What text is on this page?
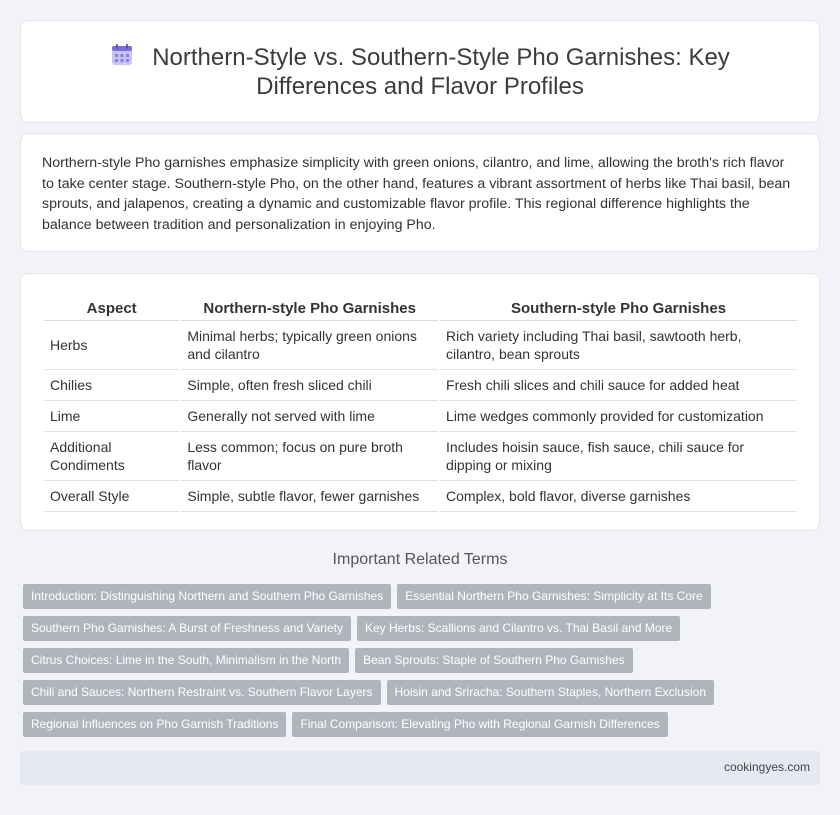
Northern-Style vs. Southern-Style Pho Garnishes: Key Differences and Flavor Profiles

Northern-style Pho garnishes emphasize simplicity with green onions, cilantro, and lime, allowing the broth's rich flavor to take center stage. Southern-style Pho, on the other hand, features a vibrant assortment of herbs like Thai basil, bean sprouts, and jalapenos, creating a dynamic and customizable flavor profile. This regional difference highlights the balance between tradition and personalization in enjoying Pho.

Aspect	Northern-style Pho Garnishes	Southern-style Pho Garnishes
Herbs	Minimal herbs; typically green onions and cilantro	Rich variety including Thai basil, sawtooth herb, cilantro, bean sprouts
Chilies	Simple, often fresh sliced chili	Fresh chili slices and chili sauce for added heat
Lime	Generally not served with lime	Lime wedges commonly provided for customization
Additional Condiments	Less common; focus on pure broth flavor	Includes hoisin sauce, fish sauce, chili sauce for dipping or mixing
Overall Style	Simple, subtle flavor, fewer garnishes	Complex, bold flavor, diverse garnishes
Important Related Terms
Introduction: Distinguishing Northern and Southern Pho Garnishes Essential Northern Pho Garnishes: Simplicity at Its Core
Southern Pho Garnishes: A Burst of Freshness and Variety Key Herbs: Scallions and Cilantro vs. Thai Basil and More
Citrus Choices: Lime in the South, Minimalism in the North Bean Sprouts: Staple of Southern Pho Garnishes
Chili and Sauces: Northern Restraint vs. Southern Flavor Layers Hoisin and Sriracha: Southern Staples, Northern Exclusion
Regional Influences on Pho Garnish Traditions Final Comparison: Elevating Pho with Regional Garnish Differences
cookingyes.com
